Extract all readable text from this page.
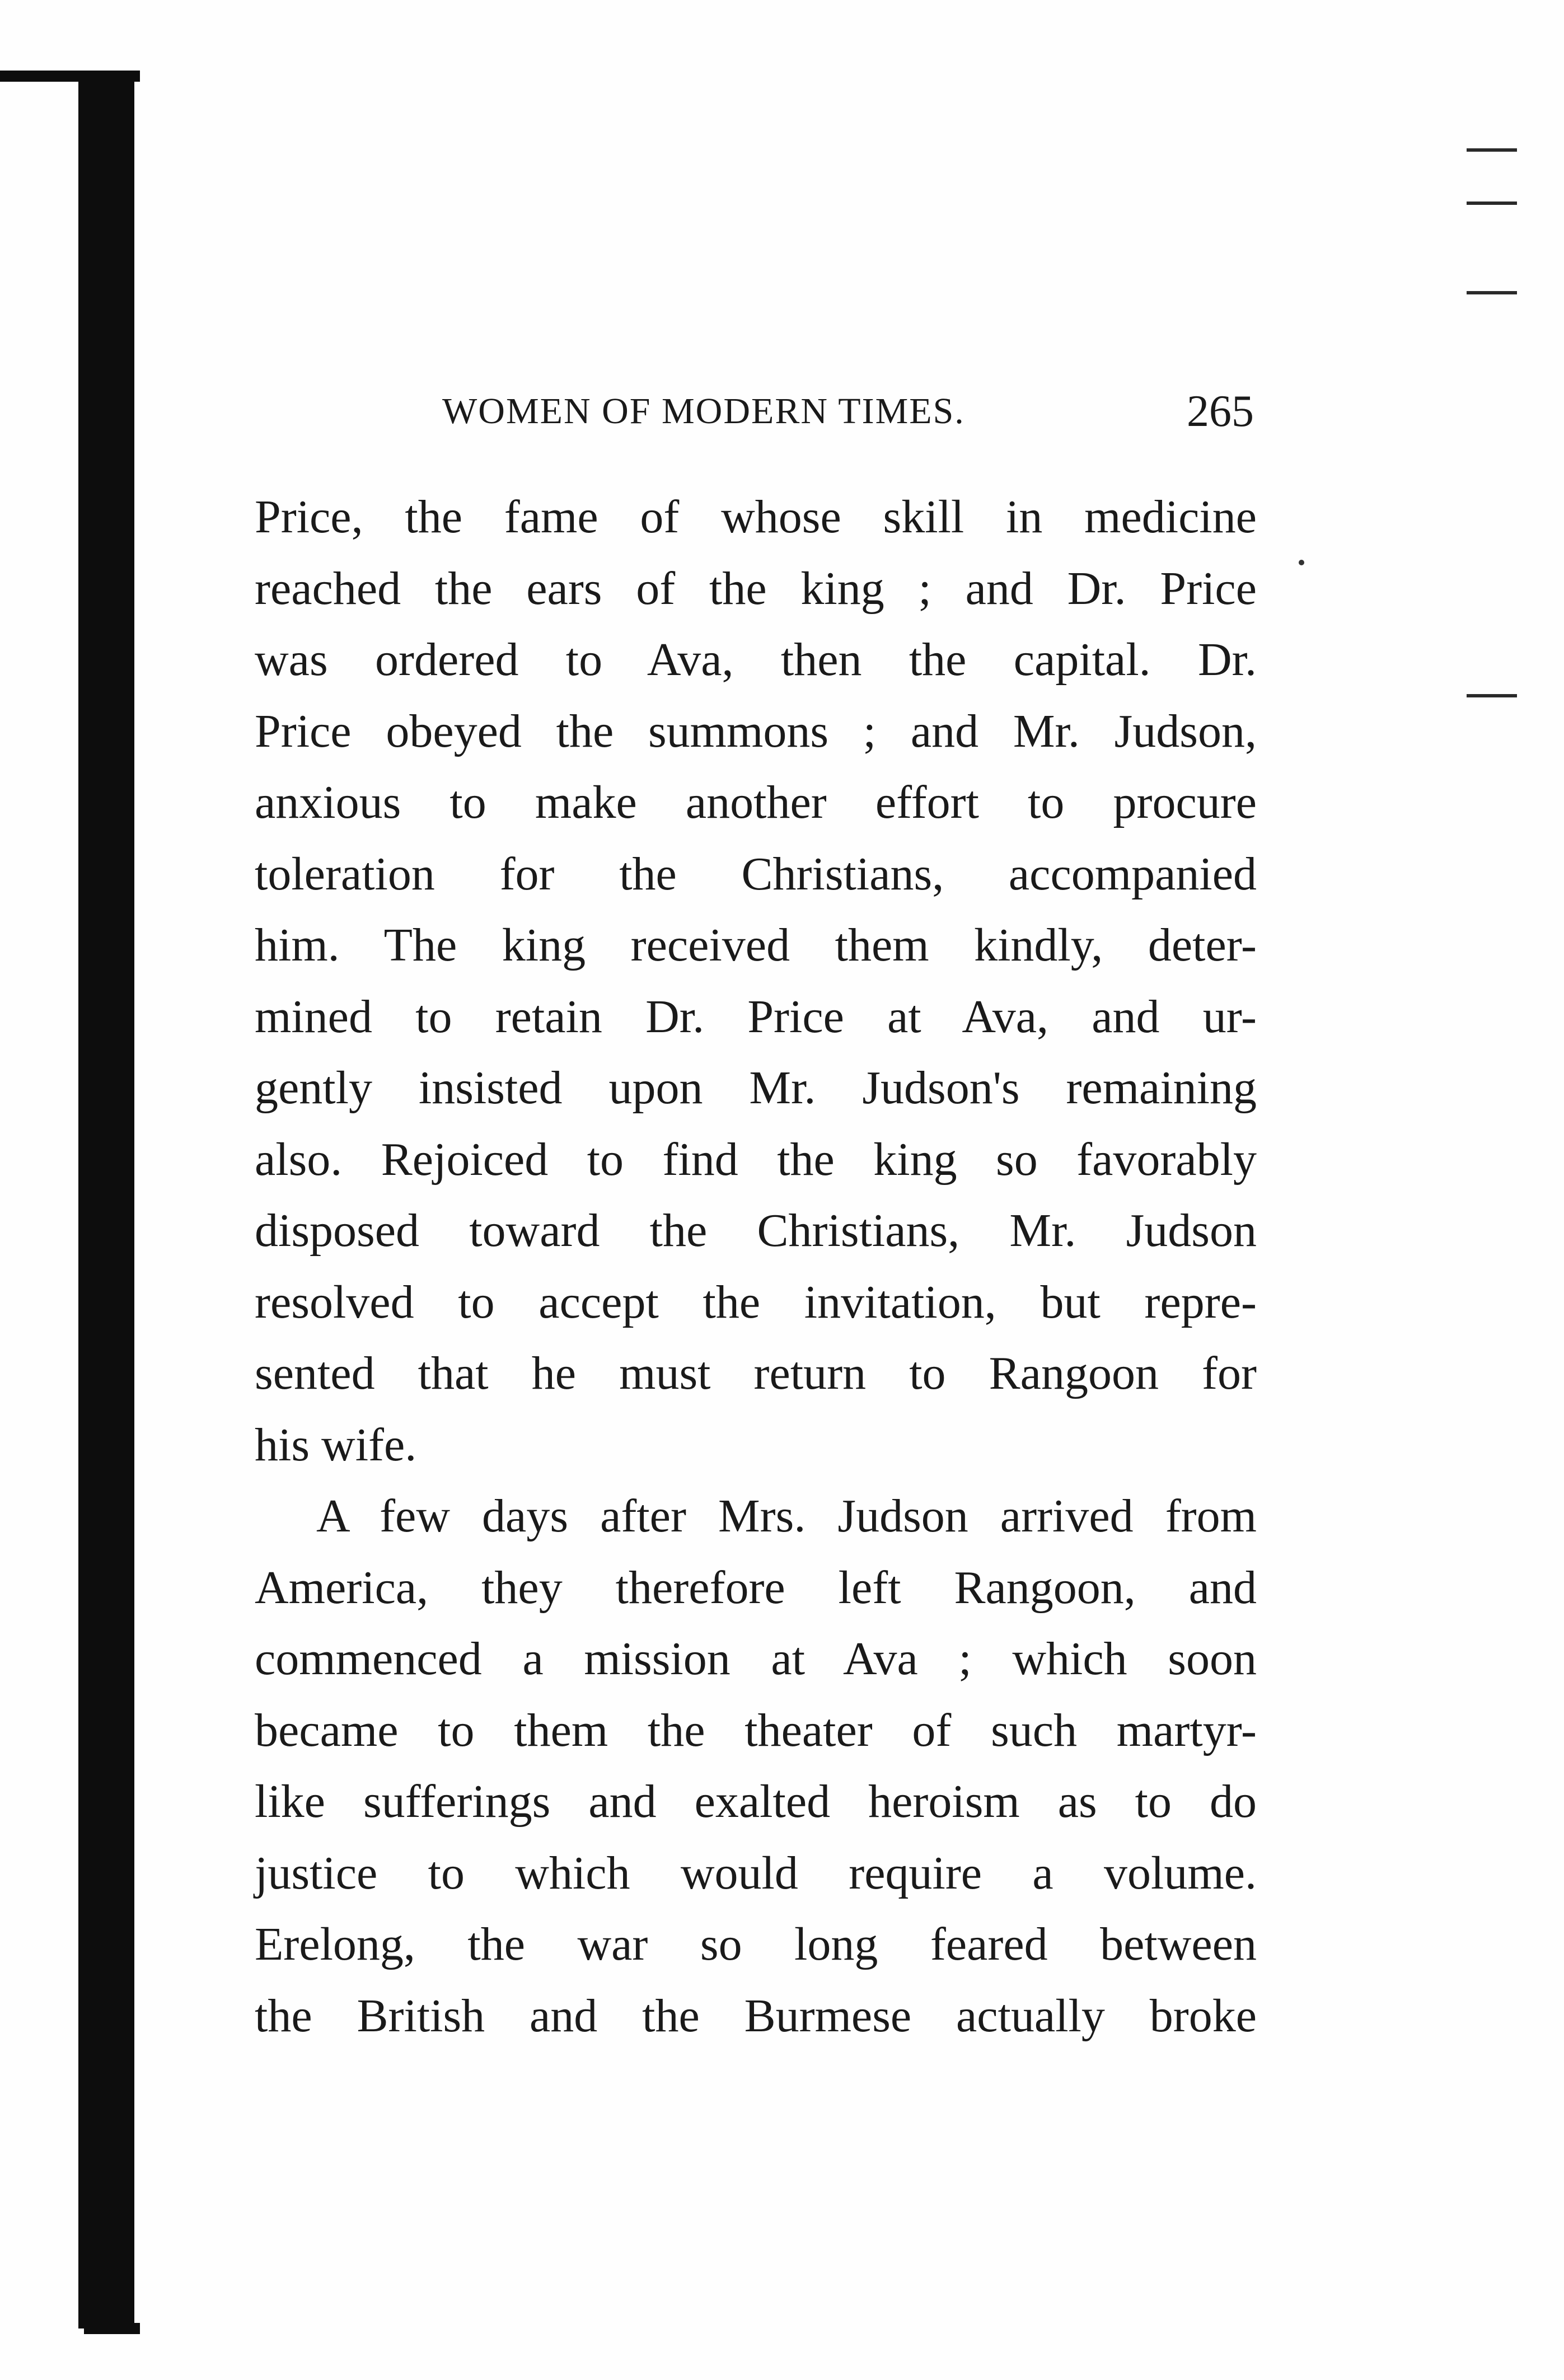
WOMEN OF MODERN TIMES.	265
Price, the fame of whose skill in medicine
reached the ears of the king ; and Dr. Price
was ordered to Ava, then the capital. Dr.
Price obeyed the summons ; and Mr. Judson,
anxious to make another effort to procure
toleration for the Christians, accompanied
him. The king received them kindly, deter-
mined to retain Dr. Price at Ava, and ur-
gently insisted upon Mr. Judson's remaining
also. Rejoiced to find the king so favorably
disposed toward the Christians, Mr. Judson
resolved to accept the invitation, but repre-
sented that he must return to Rangoon for
his wife.
A few days after Mrs. Judson arrived from
America, they therefore left Rangoon, and
commenced a mission at Ava ; which soon
became to them the theater of such martyr-
like sufferings and exalted heroism as to do
justice to which would require a volume.
Erelong, the war so long feared between
the British and the Burmese actually broke
